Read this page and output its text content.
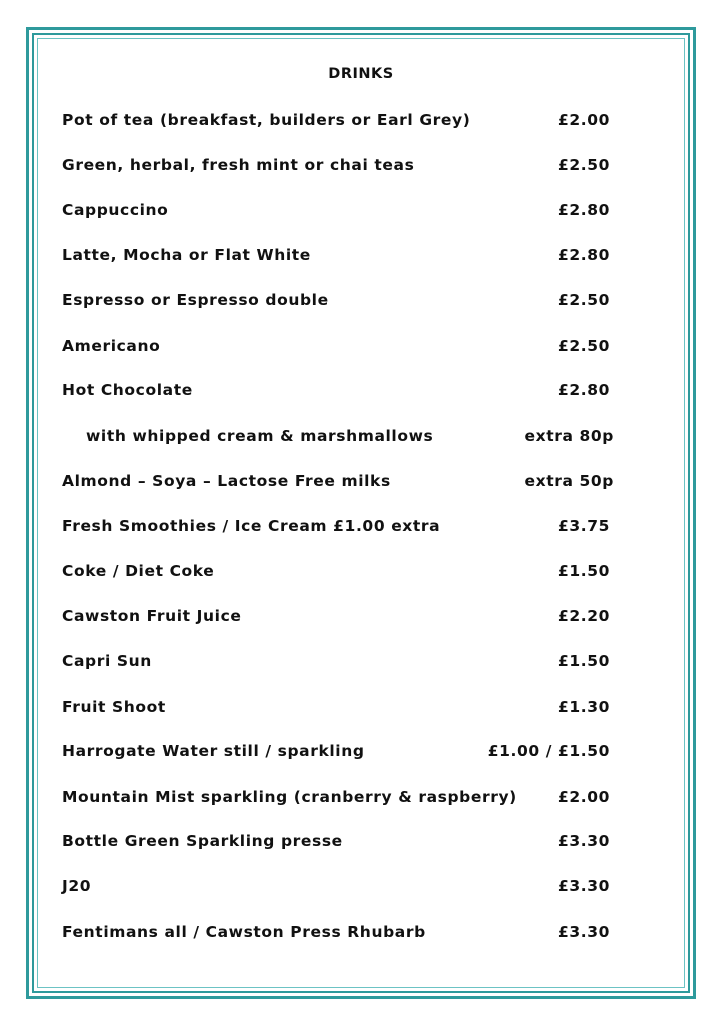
DRINKS
Pot of tea (breakfast, builders or Earl Grey)	£2.00
Green, herbal, fresh mint or chai teas	£2.50
Cappuccino	£2.80
Latte, Mocha or Flat White	£2.80
Espresso or Espresso double	£2.50
Americano	£2.50
Hot Chocolate	£2.80
with whipped cream & marshmallows	extra 80p
Almond – Soya – Lactose Free milks	extra 50p
Fresh Smoothies / Ice Cream £1.00 extra	£3.75
Coke / Diet Coke	£1.50
Cawston Fruit Juice	£2.20
Capri Sun	£1.50
Fruit Shoot	£1.30
Harrogate Water still / sparkling	£1.00 / £1.50
Mountain Mist sparkling (cranberry & raspberry)	£2.00
Bottle Green Sparkling presse	£3.30
J20	£3.30
Fentimans all / Cawston Press Rhubarb	£3.30
